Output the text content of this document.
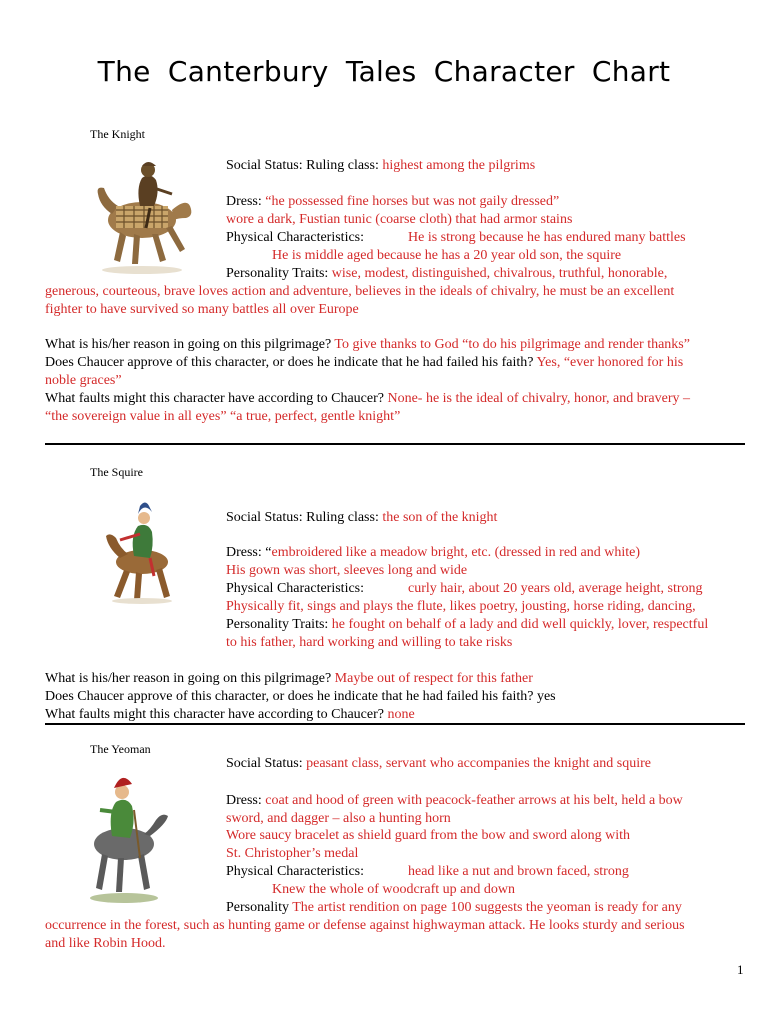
The Canterbury Tales Character Chart
The Knight
Social Status: Ruling class: highest among the pilgrims
Dress: “he possessed fine horses but was not gaily dressed”
wore a dark, Fustian tunic (coarse cloth) that had armor stains
Physical Characteristics:	He is strong because he has endured many battles
He is middle aged because he has a 20 year old son, the squire
Personality Traits: wise, modest, distinguished, chivalrous, truthful, honorable,
generous, courteous, brave loves action and adventure, believes in the ideals of chivalry, he must be an excellent
fighter to have survived so many battles all over Europe
What is his/her reason in going on this pilgrimage? To give thanks to God “to do his pilgrimage and render thanks”
Does Chaucer approve of this character, or does he indicate that he had failed his faith? Yes, “ever honored for his
noble graces”
What faults might this character have according to Chaucer? None- he is the ideal of chivalry, honor, and bravery –
“the sovereign value in all eyes” “a true, perfect, gentle knight”
The Squire
Social Status: Ruling class: the son of the knight
Dress: “embroidered like a meadow bright, etc. (dressed in red and white)
His gown was short, sleeves long and wide
Physical Characteristics:	curly hair, about 20 years old, average height, strong
Physically fit, sings and plays the flute, likes poetry, jousting, horse riding, dancing,
Personality Traits: he fought on behalf of a lady and did well quickly, lover, respectful
to his father, hard working and willing to take risks
What is his/her reason in going on this pilgrimage? Maybe out of respect for this father
Does Chaucer approve of this character, or does he indicate that he had failed his faith? yes
What faults might this character have according to Chaucer? none
The Yeoman
Social Status: peasant class, servant who accompanies the knight and squire
Dress: coat and hood of green with peacock-feather arrows at his belt, held a bow
sword, and dagger – also a hunting horn
Wore saucy bracelet as shield guard from the bow and sword along with
St. Christopher’s medal
Physical Characteristics:	head like a nut and brown faced, strong
Knew the whole of woodcraft up and down
Personality The artist rendition on page 100 suggests the yeoman is ready for any
occurrence in the forest, such as hunting game or defense against highwayman attack. He looks sturdy and serious
and like Robin Hood.
1
